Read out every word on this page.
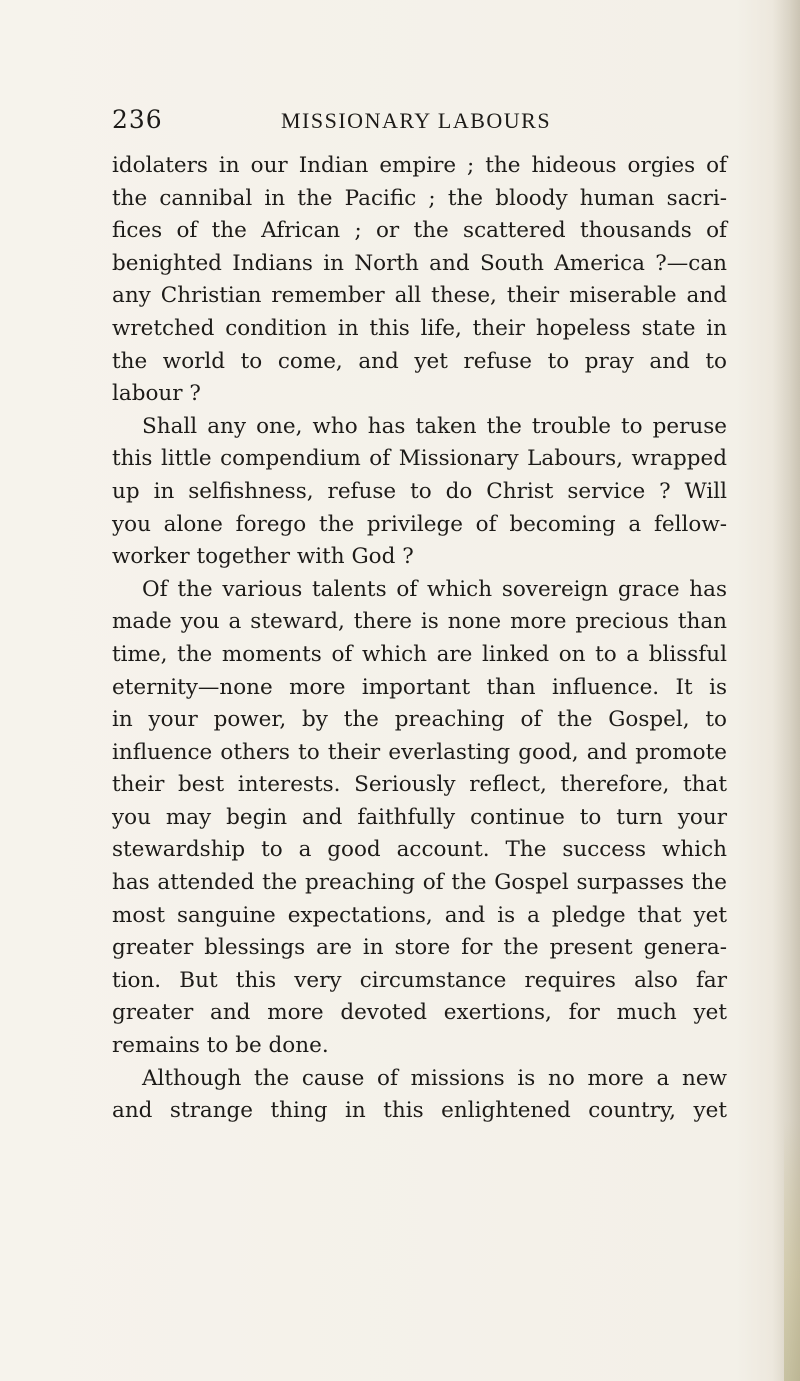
236	MISSIONARY LABOURS
idolaters in our Indian empire ; the hideous orgies of
the cannibal in the Pacific ; the bloody human sacri-
fices of the African ; or the scattered thousands of
benighted Indians in North and South America ?—can
any Christian remember all these, their miserable and
wretched condition in this life, their hopeless state in
the world to come, and yet refuse to pray and to
labour ?
Shall any one, who has taken the trouble to peruse
this little compendium of Missionary Labours, wrapped
up in selfishness, refuse to do Christ service ? Will
you alone forego the privilege of becoming a fellow-
worker together with God ?
Of the various talents of which sovereign grace has
made you a steward, there is none more precious than
time, the moments of which are linked on to a blissful
eternity—none more important than influence. It is
in your power, by the preaching of the Gospel, to
influence others to their everlasting good, and promote
their best interests. Seriously reflect, therefore, that
you may begin and faithfully continue to turn your
stewardship to a good account. The success which
has attended the preaching of the Gospel surpasses the
most sanguine expectations, and is a pledge that yet
greater blessings are in store for the present genera-
tion. But this very circumstance requires also far
greater and more devoted exertions, for much yet
remains to be done.
Although the cause of missions is no more a new
and strange thing in this enlightened country, yet
